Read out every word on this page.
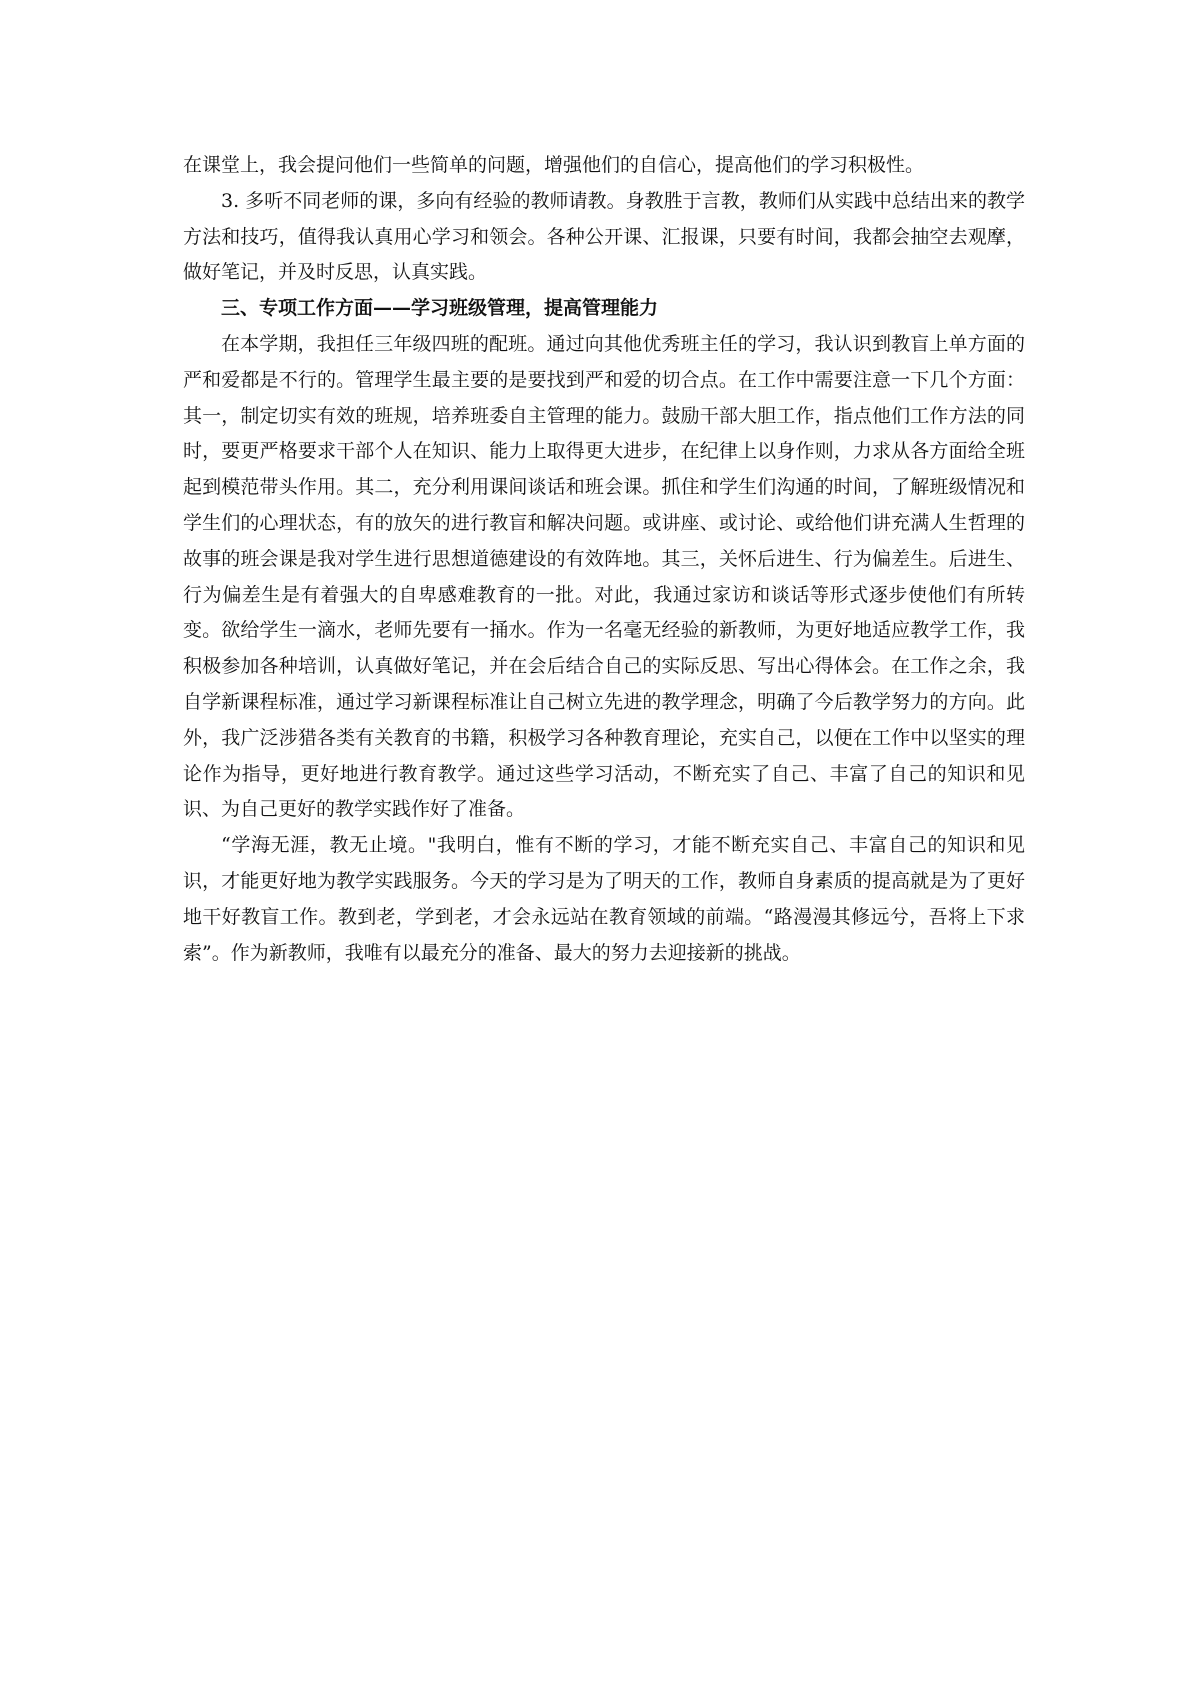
在课堂上，我会提问他们一些简单的问题，增强他们的自信心，提高他们的学习积极性。

3. 多听不同老师的课，多向有经验的教师请教。身教胜于言教，教师们从实践中总结出来的教学方法和技巧，值得我认真用心学习和领会。各种公开课、汇报课，只要有时间，我都会抽空去观摩，做好笔记，并及时反思，认真实践。

三、专项工作方面——学习班级管理，提高管理能力

在本学期，我担任三年级四班的配班。通过向其他优秀班主任的学习，我认识到教盲上单方面的严和爱都是不行的。管理学生最主要的是要找到严和爱的切合点。在工作中需要注意一下几个方面：其一，制定切实有效的班规，培养班委自主管理的能力。鼓励干部大胆工作，指点他们工作方法的同时，要更严格要求干部个人在知识、能力上取得更大进步，在纪律上以身作则，力求从各方面给全班起到模范带头作用。其二，充分利用课间谈话和班会课。抓住和学生们沟通的时间，了解班级情况和学生们的心理状态，有的放矢的进行教盲和解决问题。或讲座、或讨论、或给他们讲充满人生哲理的故事的班会课是我对学生进行思想道德建设的有效阵地。其三，关怀后进生、行为偏差生。后进生、行为偏差生是有着强大的自卑感难教育的一批。对此，我通过家访和谈话等形式逐步使他们有所转变。欲给学生一滴水，老师先要有一捅水。作为一名毫无经验的新教师，为更好地适应教学工作，我积极参加各种培训，认真做好笔记，并在会后结合自己的实际反思、写出心得体会。在工作之余，我自学新课程标准，通过学习新课程标准让自己树立先进的教学理念，明确了今后教学努力的方向。此外，我广泛涉猎各类有关教育的书籍，积极学习各种教育理论，充实自己，以便在工作中以坚实的理论作为指导，更好地进行教育教学。通过这些学习活动，不断充实了自己、丰富了自己的知识和见识、为自己更好的教学实践作好了准备。

“学海无涯，教无止境。"我明白，惟有不断的学习，才能不断充实自己、丰富自己的知识和见识，才能更好地为教学实践服务。今天的学习是为了明天的工作，教师自身素质的提高就是为了更好地干好教盲工作。教到老，学到老，才会永远站在教育领域的前端。“路漫漫其修远兮，吾将上下求索”。作为新教师，我唯有以最充分的准备、最大的努力去迎接新的挑战。
